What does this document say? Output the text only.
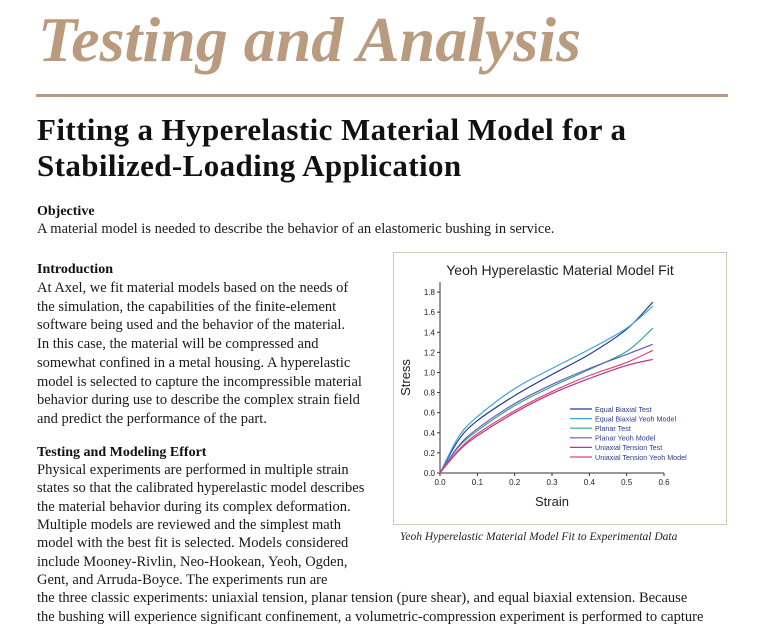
Testing and Analysis
Fitting a Hyperelastic Material Model for a Stabilized-Loading Application
Objective
A material model is needed to describe the behavior of an elastomeric bushing in service.
Introduction
At Axel, we fit material models based on the needs of
the simulation, the capabilities of the finite-element
software being used and the behavior of the material.
In this case, the material will be compressed and
somewhat confined in a metal housing. A hyperelastic
model is selected to capture the incompressible material
behavior during use to describe the complex strain field
and predict the performance of the part.
Testing and Modeling Effort
Physical experiments are performed in multiple strain
states so that the calibrated hyperelastic model describes
the material behavior during its complex deformation.
Multiple models are reviewed and the simplest math
model with the best fit is selected. Models considered
include Mooney-Rivlin, Neo-Hookean, Yeoh, Ogden,
Gent, and Arruda-Boyce. The experiments run are
the three classic experiments: uniaxial tension, planar tension (pure shear), and equal biaxial extension. Because
the bushing will experience significant confinement, a volumetric-compression experiment is performed to capture
Yeoh Hyperelastic Material Model Fit
0.0
0.2
0.4
0.6
0.8
1.0
1.2
1.4
1.6
1.8
0.0	0.1	0.2	0.3	0.4	0.5	0.6
Strain
Stress
Equal Biaxial Test
Equal Biaxial Yeoh Model
Planar Test
Planar Yeoh Model
Uniaxial Tension Test
Uniaxial Tension Yeoh Model
Yeoh Hyperelastic Material Model Fit to Experimental Data
